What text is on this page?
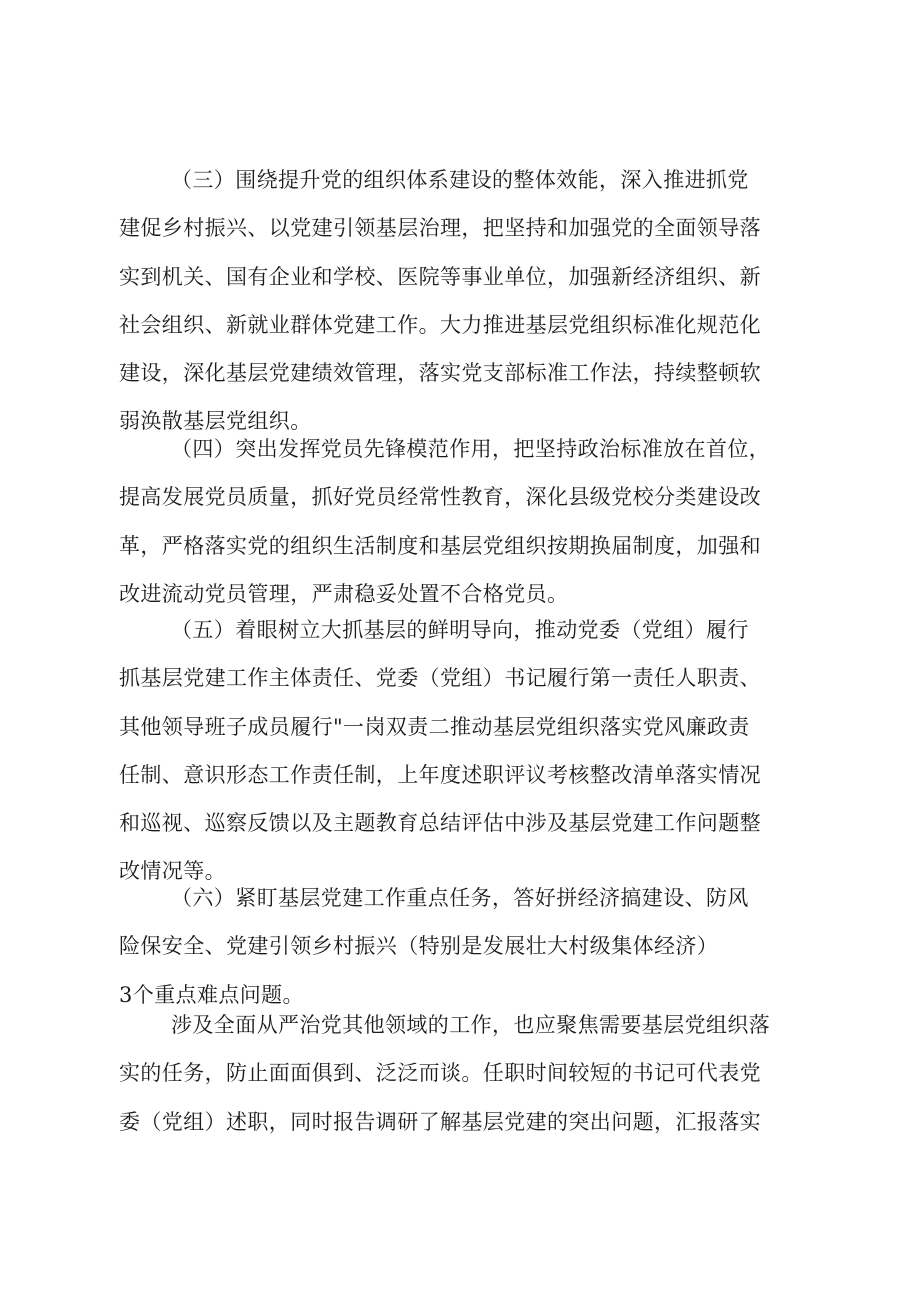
（三）围绕提升党的组织体系建设的整体效能，深入推进抓党
建促乡村振兴、以党建引领基层治理，把坚持和加强党的全面领导落
实到机关、国有企业和学校、医院等事业单位，加强新经济组织、新
社会组织、新就业群体党建工作。大力推进基层党组织标准化规范化
建设，深化基层党建绩效管理，落实党支部标准工作法，持续整顿软
弱涣散基层党组织。
（四）突出发挥党员先锋模范作用，把坚持政治标准放在首位，
提高发展党员质量，抓好党员经常性教育，深化县级党校分类建设改
革，严格落实党的组织生活制度和基层党组织按期换届制度，加强和
改进流动党员管理，严肃稳妥处置不合格党员。
（五）着眼树立大抓基层的鲜明导向，推动党委（党组）履行
抓基层党建工作主体责任、党委（党组）书记履行第一责任人职责、
其他领导班子成员履行"一岗双责二推动基层党组织落实党风廉政责
任制、意识形态工作责任制，上年度述职评议考核整改清单落实情况
和巡视、巡察反馈以及主题教育总结评估中涉及基层党建工作问题整
改情况等。
（六）紧盯基层党建工作重点任务，答好拼经济搞建设、防风
险保安全、党建引领乡村振兴（特别是发展壮大村级集体经济）
3个重点难点问题。
涉及全面从严治党其他领域的工作，也应聚焦需要基层党组织落
实的任务，防止面面俱到、泛泛而谈。任职时间较短的书记可代表党
委（党组）述职，同时报告调研了解基层党建的突出问题，汇报落实
